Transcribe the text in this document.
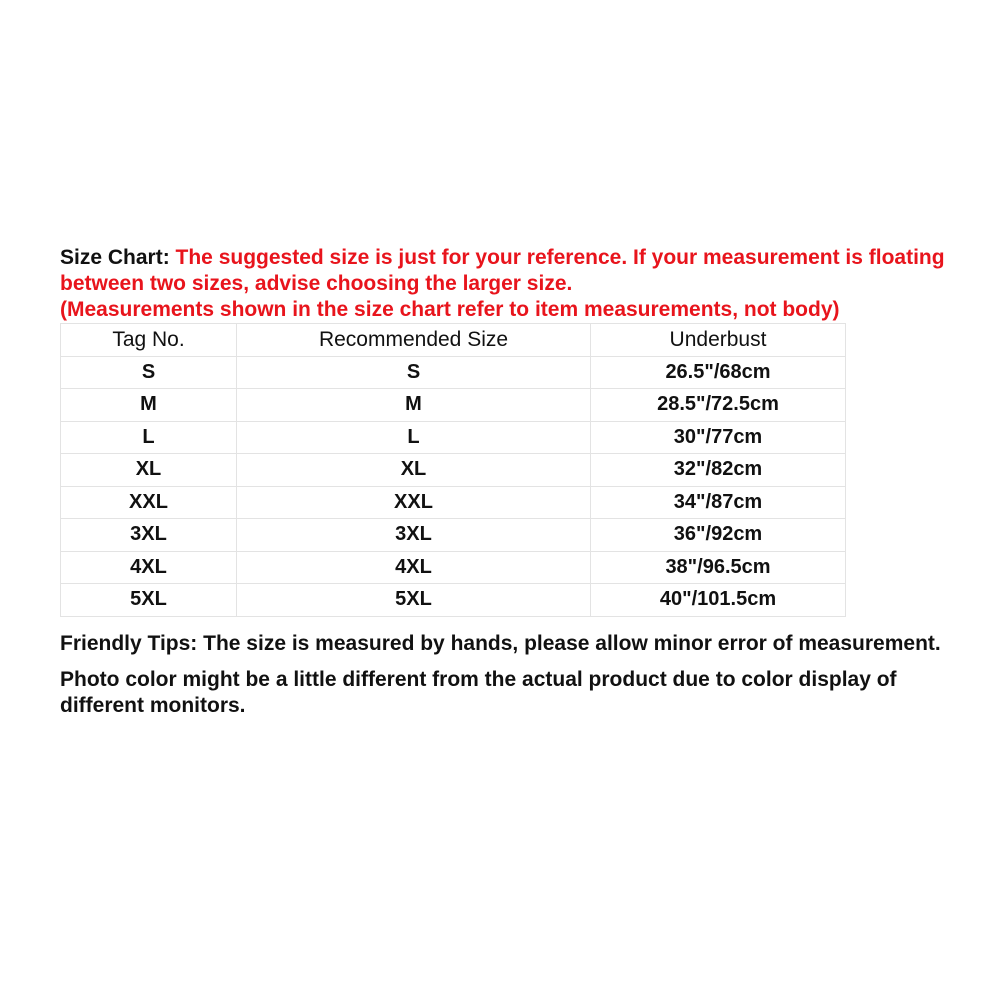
Size Chart: The suggested size is just for your reference. If your measurement is floating between two sizes, advise choosing the larger size.
(Measurements shown in the size chart refer to item measurements, not body)

Tag No.	Recommended Size	Underbust
S	S	26.5"/68cm
M	M	28.5"/72.5cm
L	L	30"/77cm
XL	XL	32"/82cm
XXL	XXL	34"/87cm
3XL	3XL	36"/92cm
4XL	4XL	38"/96.5cm
5XL	5XL	40"/101.5cm

Friendly Tips: The size is measured by hands, please allow minor error of measurement.

Photo color might be a little different from the actual product due to color display of different monitors.
